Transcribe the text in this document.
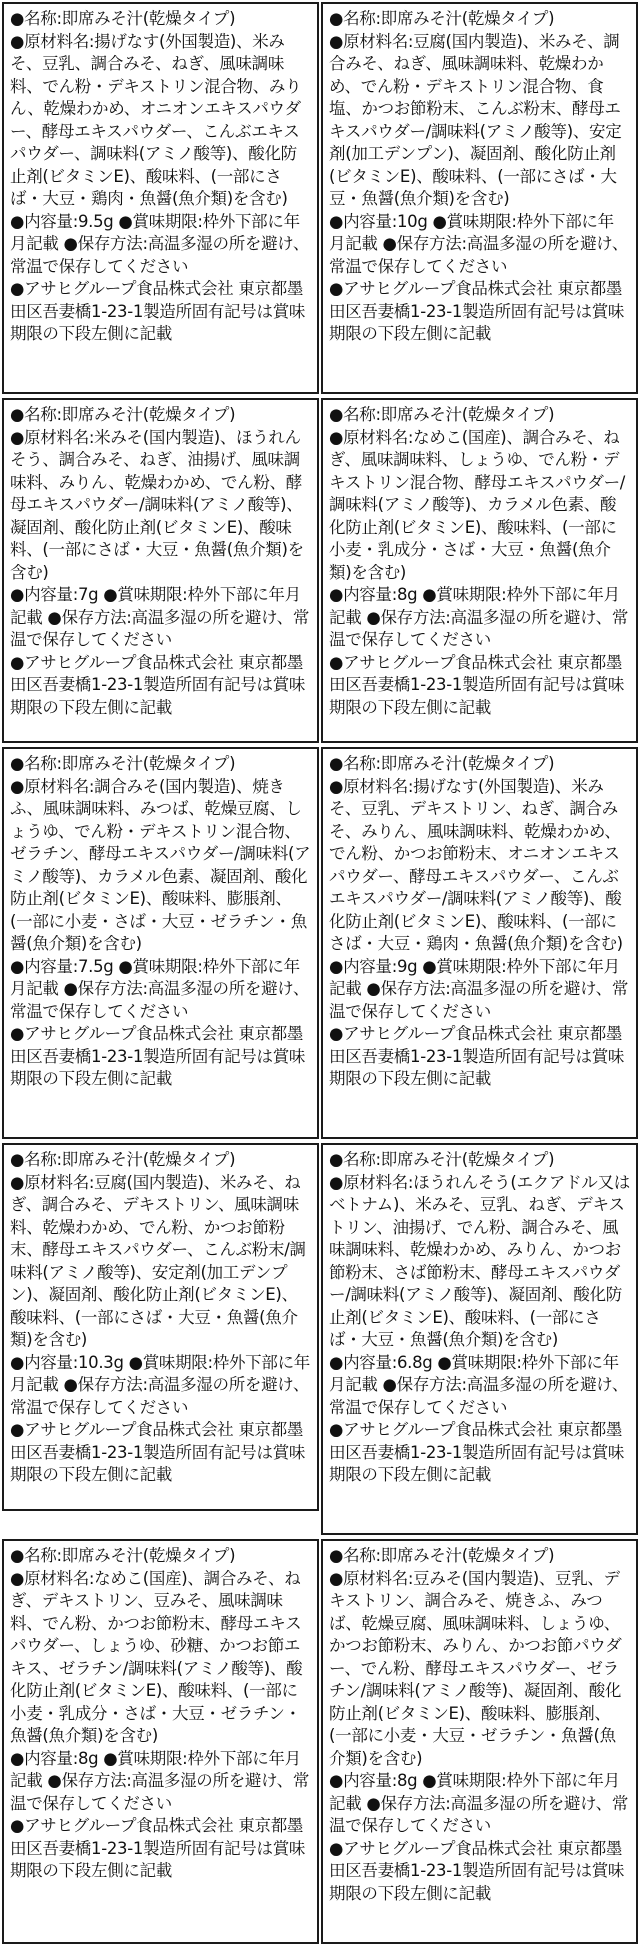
●名称:即席みそ汁(乾燥タイプ)

●原材料名:揚げなす(外国製造)、米みそ、豆乳、調合みそ、ねぎ、風味調味料、でん粉・デキストリン混合物、みりん、乾燥わかめ、オニオンエキスパウダー、酵母エキスパウダー、こんぶエキスパウダー、調味料(アミノ酸等)、酸化防止剤(ビタミンE)、酸味料、(一部にさば・大豆・鶏肉・魚醤(魚介類)を含む)

●内容量:9.5g ●賞味期限:枠外下部に年月記載 ●保存方法:高温多湿の所を避け、常温で保存してください

●アサヒグループ食品株式会社 東京都墨田区吾妻橋1-23-1製造所固有記号は賞味期限の下段左側に記載

●名称:即席みそ汁(乾燥タイプ)

●原材料名:豆腐(国内製造)、米みそ、調合みそ、ねぎ、風味調味料、乾燥わかめ、でん粉・デキストリン混合物、食塩、かつお節粉末、こんぶ粉末、酵母エキスパウダー/調味料(アミノ酸等)、安定剤(加工デンプン)、凝固剤、酸化防止剤(ビタミンE)、酸味料、(一部にさば・大豆・魚醤(魚介類)を含む)

●内容量:10g ●賞味期限:枠外下部に年月記載 ●保存方法:高温多湿の所を避け、常温で保存してください

●アサヒグループ食品株式会社 東京都墨田区吾妻橋1-23-1製造所固有記号は賞味期限の下段左側に記載

●名称:即席みそ汁(乾燥タイプ)

●原材料名:米みそ(国内製造)、ほうれんそう、調合みそ、ねぎ、油揚げ、風味調味料、みりん、乾燥わかめ、でん粉、酵母エキスパウダー/調味料(アミノ酸等)、凝固剤、酸化防止剤(ビタミンE)、酸味料、(一部にさば・大豆・魚醤(魚介類)を含む)

●内容量:7g ●賞味期限:枠外下部に年月記載 ●保存方法:高温多湿の所を避け、常温で保存してください

●アサヒグループ食品株式会社 東京都墨田区吾妻橋1-23-1製造所固有記号は賞味期限の下段左側に記載

●名称:即席みそ汁(乾燥タイプ)

●原材料名:なめこ(国産)、調合みそ、ねぎ、風味調味料、しょうゆ、でん粉・デキストリン混合物、酵母エキスパウダー/調味料(アミノ酸等)、カラメル色素、酸化防止剤(ビタミンE)、酸味料、(一部に小麦・乳成分・さば・大豆・魚醤(魚介類)を含む)

●内容量:8g ●賞味期限:枠外下部に年月記載 ●保存方法:高温多湿の所を避け、常温で保存してください

●アサヒグループ食品株式会社 東京都墨田区吾妻橋1-23-1製造所固有記号は賞味期限の下段左側に記載

●名称:即席みそ汁(乾燥タイプ)

●原材料名:調合みそ(国内製造)、焼きふ、風味調味料、みつば、乾燥豆腐、しょうゆ、でん粉・デキストリン混合物、ゼラチン、酵母エキスパウダー/調味料(アミノ酸等)、カラメル色素、凝固剤、酸化防止剤(ビタミンE)、酸味料、膨脹剤、(一部に小麦・さば・大豆・ゼラチン・魚醤(魚介類)を含む)

●内容量:7.5g ●賞味期限:枠外下部に年月記載 ●保存方法:高温多湿の所を避け、常温で保存してください

●アサヒグループ食品株式会社 東京都墨田区吾妻橋1-23-1製造所固有記号は賞味期限の下段左側に記載

●名称:即席みそ汁(乾燥タイプ)

●原材料名:揚げなす(外国製造)、米みそ、豆乳、デキストリン、ねぎ、調合みそ、みりん、風味調味料、乾燥わかめ、でん粉、かつお節粉末、オニオンエキスパウダー、酵母エキスパウダー、こんぶエキスパウダー/調味料(アミノ酸等)、酸化防止剤(ビタミンE)、酸味料、(一部にさば・大豆・鶏肉・魚醤(魚介類)を含む)

●内容量:9g ●賞味期限:枠外下部に年月記載 ●保存方法:高温多湿の所を避け、常温で保存してください

●アサヒグループ食品株式会社 東京都墨田区吾妻橋1-23-1製造所固有記号は賞味期限の下段左側に記載

●名称:即席みそ汁(乾燥タイプ)

●原材料名:豆腐(国内製造)、米みそ、ねぎ、調合みそ、デキストリン、風味調味料、乾燥わかめ、でん粉、かつお節粉末、酵母エキスパウダー、こんぶ粉末/調味料(アミノ酸等)、安定剤(加工デンプン)、凝固剤、酸化防止剤(ビタミンE)、酸味料、(一部にさば・大豆・魚醤(魚介類)を含む)

●内容量:10.3g ●賞味期限:枠外下部に年月記載 ●保存方法:高温多湿の所を避け、常温で保存してください

●アサヒグループ食品株式会社 東京都墨田区吾妻橋1-23-1製造所固有記号は賞味期限の下段左側に記載

●名称:即席みそ汁(乾燥タイプ)

●原材料名:ほうれんそう(エクアドル又はベトナム)、米みそ、豆乳、ねぎ、デキストリン、油揚げ、でん粉、調合みそ、風味調味料、乾燥わかめ、みりん、かつお節粉末、さば節粉末、酵母エキスパウダー/調味料(アミノ酸等)、凝固剤、酸化防止剤(ビタミンE)、酸味料、(一部にさば・大豆・魚醤(魚介類)を含む)

●内容量:6.8g ●賞味期限:枠外下部に年月記載 ●保存方法:高温多湿の所を避け、常温で保存してください

●アサヒグループ食品株式会社 東京都墨田区吾妻橋1-23-1製造所固有記号は賞味期限の下段左側に記載

●名称:即席みそ汁(乾燥タイプ)

●原材料名:なめこ(国産)、調合みそ、ねぎ、デキストリン、豆みそ、風味調味料、でん粉、かつお節粉末、酵母エキスパウダー、しょうゆ、砂糖、かつお節エキス、ゼラチン/調味料(アミノ酸等)、酸化防止剤(ビタミンE)、酸味料、(一部に小麦・乳成分・さば・大豆・ゼラチン・魚醤(魚介類)を含む)

●内容量:8g ●賞味期限:枠外下部に年月記載 ●保存方法:高温多湿の所を避け、常温で保存してください

●アサヒグループ食品株式会社 東京都墨田区吾妻橋1-23-1製造所固有記号は賞味期限の下段左側に記載

●名称:即席みそ汁(乾燥タイプ)

●原材料名:豆みそ(国内製造)、豆乳、デキストリン、調合みそ、焼きふ、みつば、乾燥豆腐、風味調味料、しょうゆ、かつお節粉末、みりん、かつお節パウダー、でん粉、酵母エキスパウダー、ゼラチン/調味料(アミノ酸等)、凝固剤、酸化防止剤(ビタミンE)、酸味料、膨脹剤、(一部に小麦・大豆・ゼラチン・魚醤(魚介類)を含む)

●内容量:8g ●賞味期限:枠外下部に年月記載 ●保存方法:高温多湿の所を避け、常温で保存してください

●アサヒグループ食品株式会社 東京都墨田区吾妻橋1-23-1製造所固有記号は賞味期限の下段左側に記載
